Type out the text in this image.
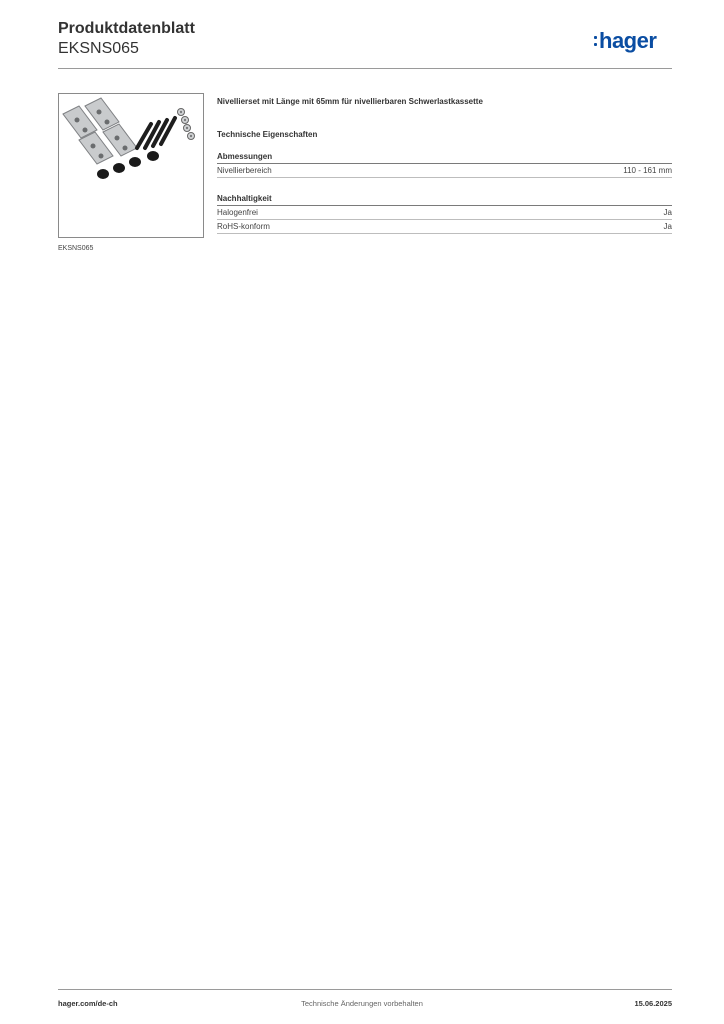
Produktdatenblatt
EKSNS065	hager
EKSNS065
Nivellierset mit Länge mit 65mm für nivellierbaren Schwerlastkassette
Technische Eigenschaften
Abmessungen
Nivellierbereich	110 - 161 mm
Nachhaltigkeit
Halogenfrei	Ja
RoHS-konform	Ja
hager.com/de-ch	Technische Änderungen vorbehalten	15.06.2025
